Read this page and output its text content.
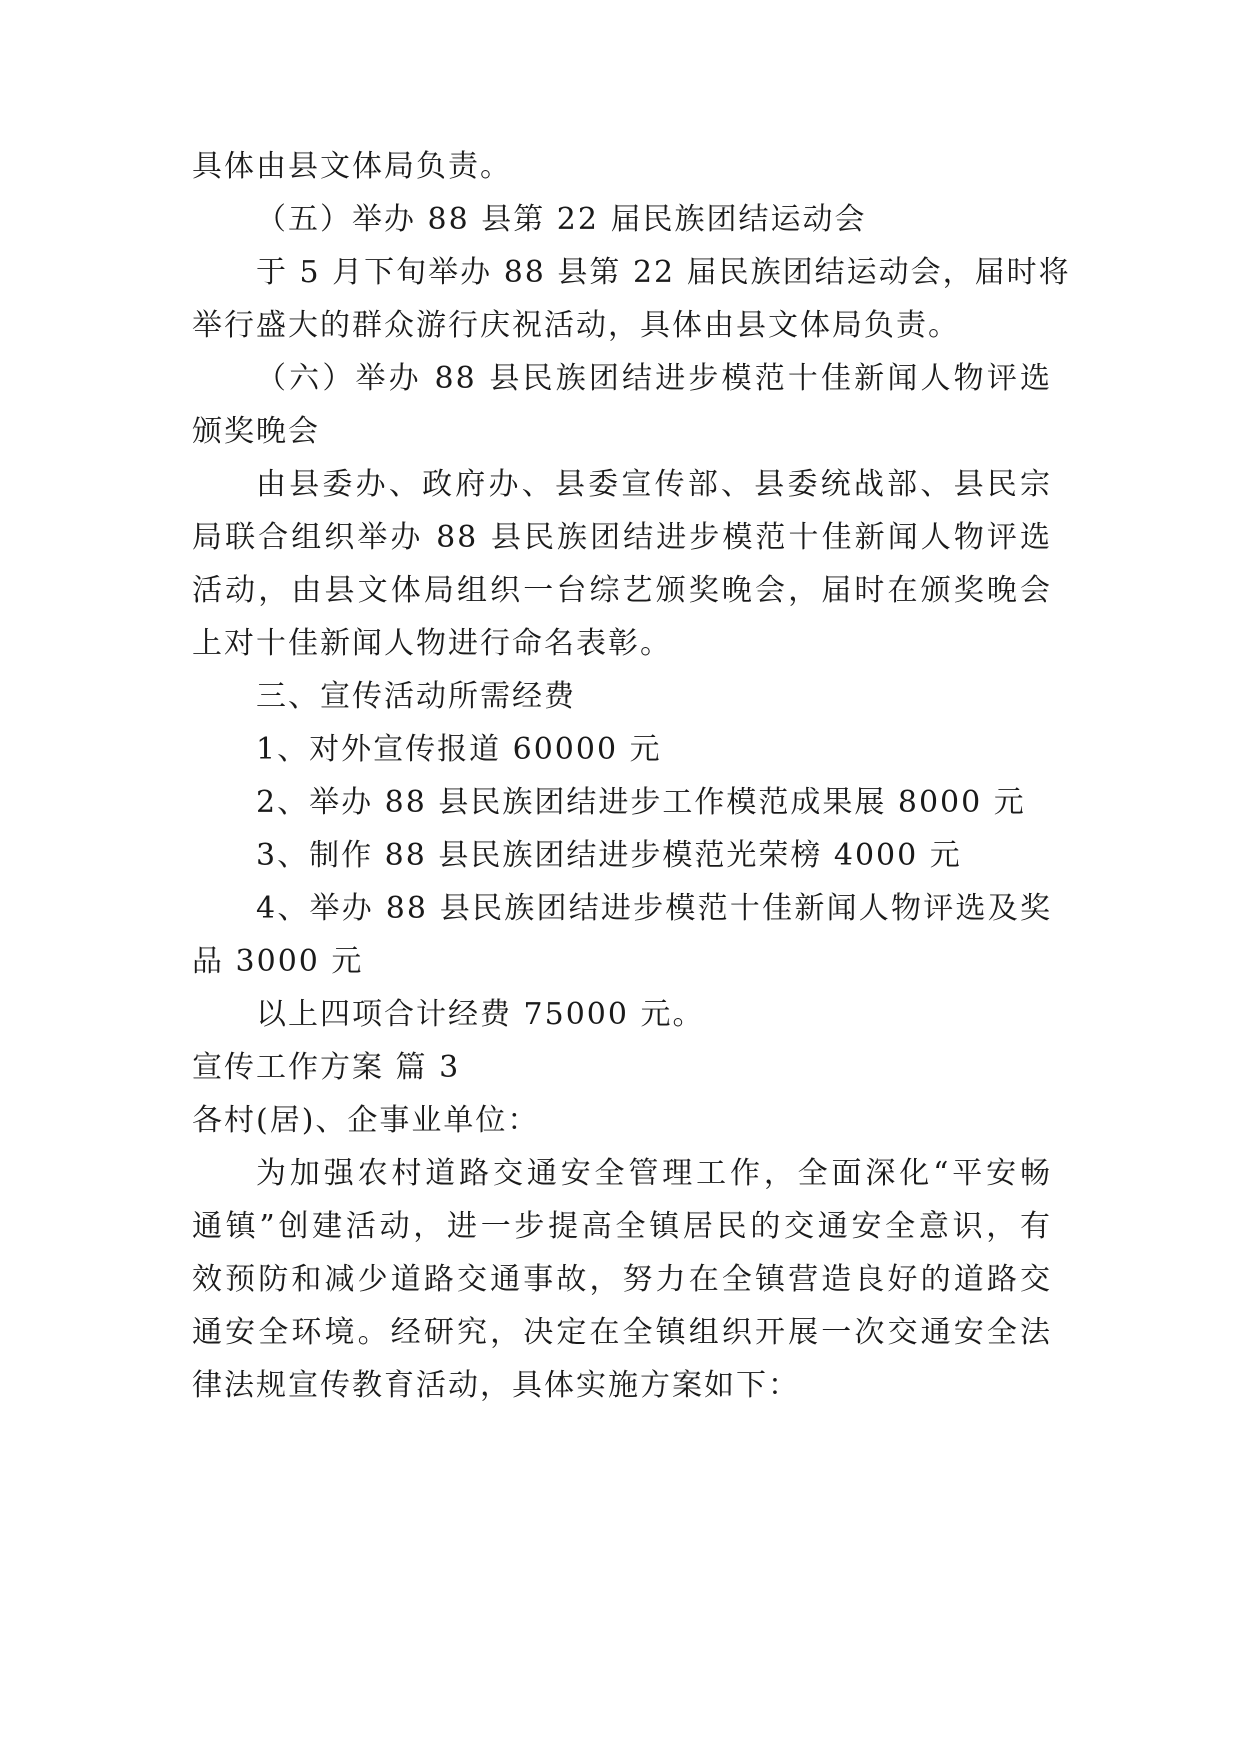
具体由县文体局负责。
（五）举办 88 县第 22 届民族团结运动会
于 5 月下旬举办 88 县第 22 届民族团结运动会，届时将
举行盛大的群众游行庆祝活动，具体由县文体局负责。
（六）举办 88 县民族团结进步模范十佳新闻人物评选
颁奖晚会
由县委办、政府办、县委宣传部、县委统战部、县民宗
局联合组织举办 88 县民族团结进步模范十佳新闻人物评选
活动，由县文体局组织一台综艺颁奖晚会，届时在颁奖晚会
上对十佳新闻人物进行命名表彰。
三、宣传活动所需经费
1、对外宣传报道 60000 元
2、举办 88 县民族团结进步工作模范成果展 8000 元
3、制作 88 县民族团结进步模范光荣榜 4000 元
4、举办 88 县民族团结进步模范十佳新闻人物评选及奖
品 3000 元
以上四项合计经费 75000 元。
宣传工作方案 篇 3
各村(居)、企事业单位：
为加强农村道路交通安全管理工作，全面深化“平安畅
通镇”创建活动，进一步提高全镇居民的交通安全意识，有
效预防和减少道路交通事故，努力在全镇营造良好的道路交
通安全环境。经研究，决定在全镇组织开展一次交通安全法
律法规宣传教育活动，具体实施方案如下：
